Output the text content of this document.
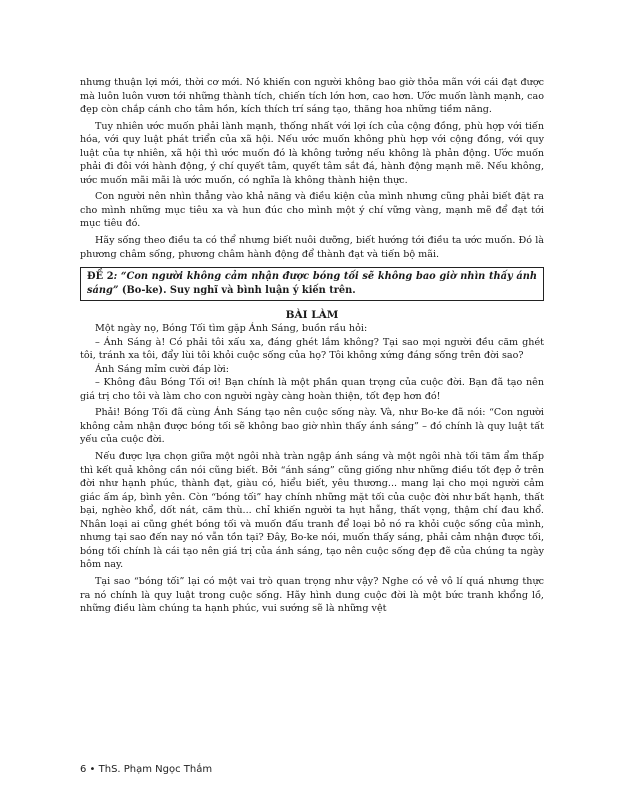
nhưng thuận lợi mới, thời cơ mới. Nó khiến con người không bao giờ thỏa mãn với cái đạt được mà luôn luôn vươn tới những thành tích, chiến tích lớn hơn, cao hơn. Ước muốn lành mạnh, cao đẹp còn chắp cánh cho tâm hồn, kích thích trí sáng tạo, thăng hoa những tiềm năng.

Tuy nhiên ước muốn phải lành mạnh, thống nhất với lợi ích của cộng đồng, phù hợp với tiến hóa, với quy luật phát triển của xã hội. Nếu ước muốn không phù hợp với cộng đồng, với quy luật của tự nhiên, xã hội thì ước muốn đó là không tưởng nếu không là phản động. Ước muốn phải đi đôi với hành động, ý chí quyết tâm, quyết tâm sắt đá, hành động mạnh mẽ. Nếu không, ước muốn mãi mãi là ước muốn, có nghĩa là không thành hiện thực.

Con người nên nhìn thẳng vào khả năng và điều kiện của mình nhưng cũng phải biết đặt ra cho mình những mục tiêu xa và hun đúc cho mình một ý chí vững vàng, mạnh mẽ để đạt tới mục tiêu đó.

Hãy sống theo điều ta có thể nhưng biết nuôi dưỡng, biết hướng tới điều ta ước muốn. Đó là phương châm sống, phương châm hành động để thành đạt và tiến bộ mãi.

ĐỀ 2: “Con người không cảm nhận được bóng tối sẽ không bao giờ nhìn thấy ánh sáng” (Bo-ke). Suy nghĩ và bình luận ý kiến trên.
BÀI LÀM

Một ngày nọ, Bóng Tối tìm gặp Ánh Sáng, buồn rầu hỏi:

– Ánh Sáng à! Có phải tôi xấu xa, đáng ghét lắm không? Tại sao mọi người đều căm ghét tôi, tránh xa tôi, đẩy lùi tôi khỏi cuộc sống của họ? Tôi không xứng đáng sống trên đời sao?

Ánh Sáng mỉm cười đáp lời:

– Không đâu Bóng Tối ơi! Bạn chính là một phần quan trọng của cuộc đời. Bạn đã tạo nên giá trị cho tôi và làm cho con người ngày càng hoàn thiện, tốt đẹp hơn đó!

Phải! Bóng Tối đã cùng Ánh Sáng tạo nên cuộc sống này. Và, như Bo-ke đã nói: “Con người không cảm nhận được bóng tối sẽ không bao giờ nhìn thấy ánh sáng” – đó chính là quy luật tất yếu của cuộc đời.

Nếu được lựa chọn giữa một ngôi nhà tràn ngập ánh sáng và một ngôi nhà tối tăm ẩm thấp thì kết quả không cần nói cũng biết. Bởi “ánh sáng” cũng giống như những điều tốt đẹp ở trên đời như hạnh phúc, thành đạt, giàu có, hiểu biết, yêu thương... mang lại cho mọi người cảm giác ấm áp, bình yên. Còn “bóng tối” hay chính những mặt tối của cuộc đời như bất hạnh, thất bại, nghèo khổ, dốt nát, căm thù... chỉ khiến người ta hụt hẫng, thất vọng, thậm chí đau khổ. Nhân loại ai cũng ghét bóng tối và muốn đấu tranh để loại bỏ nó ra khỏi cuộc sống của mình, nhưng tại sao đến nay nó vẫn tồn tại? Đây, Bo-ke nói, muốn thấy sáng, phải cảm nhận được tối, bóng tối chính là cái tạo nên giá trị của ánh sáng, tạo nên cuộc sống đẹp đẽ của chúng ta ngày hôm nay.

Tại sao “bóng tối” lại có một vai trò quan trọng như vậy? Nghe có vẻ vô lí quá nhưng thực ra nó chính là quy luật trong cuộc sống. Hãy hình dung cuộc đời là một bức tranh khổng lồ, những điều làm chúng ta hạnh phúc, vui sướng sẽ là những vệt

6 • ThS. Phạm Ngọc Thắm
